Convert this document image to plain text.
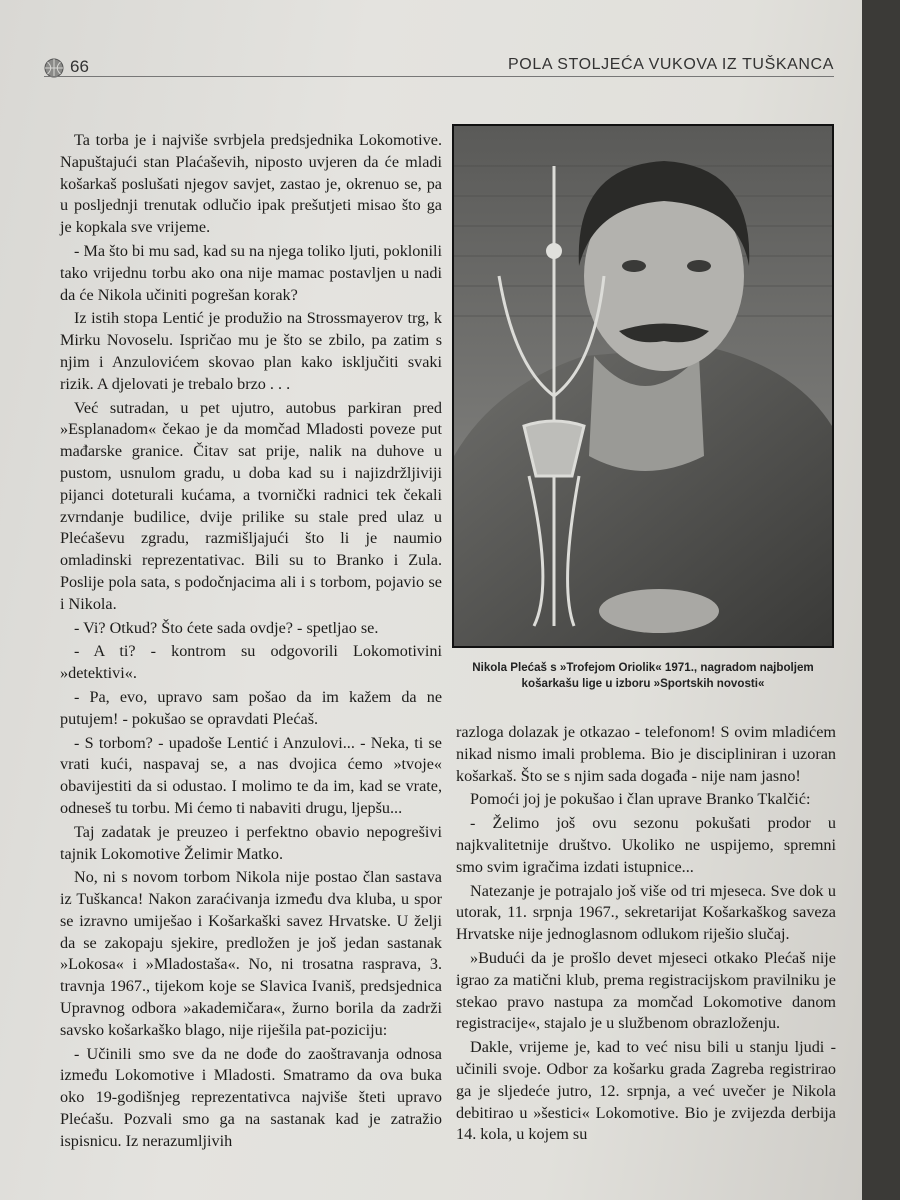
66	POLA STOLJEĆA VUKOVA IZ TUŠKANCA

Ta torba je i najviše svrbjela predsjednika Lokomotive. Napuštajući stan Plaćaševih, niposto uvjeren da će mladi košarkaš poslušati njegov savjet, zastao je, okrenuo se, pa u posljednji trenutak odlučio ipak prešutjeti misao što ga je kopkala sve vrijeme.

- Ma što bi mu sad, kad su na njega toliko ljuti, poklonili tako vrijednu torbu ako ona nije mamac postavljen u nadi da će Nikola učiniti pogrešan korak?

Iz istih stopa Lentić je produžio na Strossmayerov trg, k Mirku Novoselu. Ispričao mu je što se zbilo, pa zatim s njim i Anzulovićem skovao plan kako isključiti svaki rizik. A djelovati je trebalo brzo . . .

Već sutradan, u pet ujutro, autobus parkiran pred »Esplanadom« čekao je da momčad Mladosti poveze put mađarske granice. Čitav sat prije, nalik na duhove u pustom, usnulom gradu, u doba kad su i najizdržljiviji pijanci doteturali kućama, a tvornički radnici tek čekali zvrndanje budilice, dvije prilike su stale pred ulaz u Plećaševu zgradu, razmišljajući što li je naumio omladinski reprezentativac. Bili su to Branko i Zula. Poslije pola sata, s podočnjacima ali i s torbom, pojavio se i Nikola.

- Vi? Otkud? Što ćete sada ovdje? - spetljao se.

- A ti? - kontrom su odgovorili Lokomotivini »detektivi«.

- Pa, evo, upravo sam pošao da im kažem da ne putujem! - pokušao se opravdati Plećaš.

- S torbom? - upadoše Lentić i Anzulovi... - Neka, ti se vrati kući, naspavaj se, a nas dvojica ćemo »tvoje« obavijestiti da si odustao. I molimo te da im, kad se vrate, odneseš tu torbu. Mi ćemo ti nabaviti drugu, ljepšu...

Taj zadatak je preuzeo i perfektno obavio nepogrešivi tajnik Lokomotive Želimir Matko.

No, ni s novom torbom Nikola nije postao član sastava iz Tuškanca! Nakon zaraćivanja između dva kluba, u spor se izravno umiješao i Košarkaški savez Hrvatske. U želji da se zakopaju sjekire, predložen je još jedan sastanak »Lokosa« i »Mladostaša«. No, ni trosatna rasprava, 3. travnja 1967., tijekom koje se Slavica Ivaniš, predsjednica Upravnog odbora »akademičara«, žurno borila da zadrži savsko košarkaško blago, nije riješila pat-poziciju:

- Učinili smo sve da ne dođe do zaoštravanja odnosa između Lokomotive i Mladosti. Smatramo da ova buka oko 19-godišnjeg reprezentativca najviše šteti upravo Plećašu. Pozvali smo ga na sastanak kad je zatražio ispisnicu. Iz nerazumljivih

Nikola Plećaš s »Trofejom Oriolik« 1971., nagradom najboljem
košarkašu lige u izboru »Sportskih novosti«

razloga dolazak je otkazao - telefonom! S ovim mladićem nikad nismo imali problema. Bio je discipliniran i uzoran košarkaš. Što se s njim sada događa - nije nam jasno!

Pomoći joj je pokušao i član uprave Branko Tkalčić:

- Želimo još ovu sezonu pokušati prodor u najkvalitetnije društvo. Ukoliko ne uspijemo, spremni smo svim igračima izdati istupnice...

Natezanje je potrajalo još više od tri mjeseca. Sve dok u utorak, 11. srpnja 1967., sekretarijat Košarkaškog saveza Hrvatske nije jednoglasnom odlukom riješio slučaj.

»Budući da je prošlo devet mjeseci otkako Plećaš nije igrao za matični klub, prema registracijskom pravilniku je stekao pravo nastupa za momčad Lokomotive danom registracije«, stajalo je u službenom obrazloženju.

Dakle, vrijeme je, kad to već nisu bili u stanju ljudi - učinili svoje. Odbor za košarku grada Zagreba registrirao ga je sljedeće jutro, 12. srpnja, a već uvečer je Nikola debitirao u »šestici« Lokomotive. Bio je zvijezda derbija 14. kola, u kojem su
